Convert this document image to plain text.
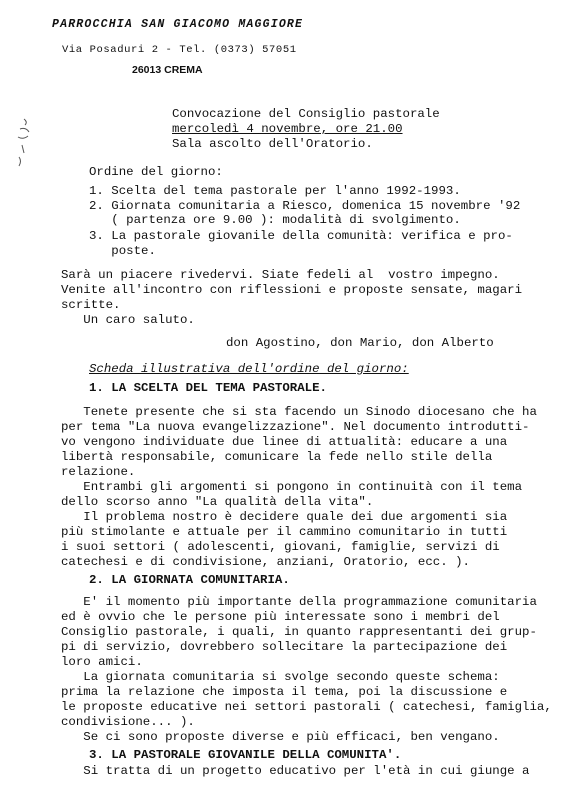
PARROCCHIA SAN GIACOMO MAGGIORE
Via Posaduri 2 - Tel. (0373) 57051
26013 CREMA
Convocazione del Consiglio pastorale
mercoledì 4 novembre, ore 21.00
Sala ascolto dell'Oratorio.
Ordine del giorno:
1. Scelta del tema pastorale per l'anno 1992-1993.
2. Giornata comunitaria a Riesco, domenica 15 novembre '92
( partenza ore 9.00 ): modalità di svolgimento.
3. La pastorale giovanile della comunità: verifica e pro-
poste.
Sarà un piacere rivedervi. Siate fedeli al  vostro impegno.
Venite all'incontro con riflessioni e proposte sensate, magari
scritte.
Un caro saluto.
don Agostino, don Mario, don Alberto
Scheda illustrativa dell'ordine del giorno:
1. LA SCELTA DEL TEMA PASTORALE.
Tenete presente che si sta facendo un Sinodo diocesano che ha
per tema "La nuova evangelizzazione". Nel documento introdutti-
vo vengono individuate due linee di attualità: educare a una
libertà responsabile, comunicare la fede nello stile della
relazione.
Entrambi gli argomenti si pongono in continuità con il tema
dello scorso anno "La qualità della vita".
Il problema nostro è decidere quale dei due argomenti sia
più stimolante e attuale per il cammino comunitario in tutti
i suoi settori ( adolescenti, giovani, famiglie, servizi di
catechesi e di condivisione, anziani, Oratorio, ecc. ).
2. LA GIORNATA COMUNITARIA.
E' il momento più importante della programmazione comunitaria
ed è ovvio che le persone più interessate sono i membri del
Consiglio pastorale, i quali, in quanto rappresentanti dei grup-
pi di servizio, dovrebbero sollecitare la partecipazione dei
loro amici.
La giornata comunitaria si svolge secondo queste schema:
prima la relazione che imposta il tema, poi la discussione e
le proposte educative nei settori pastorali ( catechesi, famiglia,
condivisione... ).
Se ci sono proposte diverse e più efficaci, ben vengano.
3. LA PASTORALE GIOVANILE DELLA COMUNITA'.
Si tratta di un progetto educativo per l'età in cui giunge a
